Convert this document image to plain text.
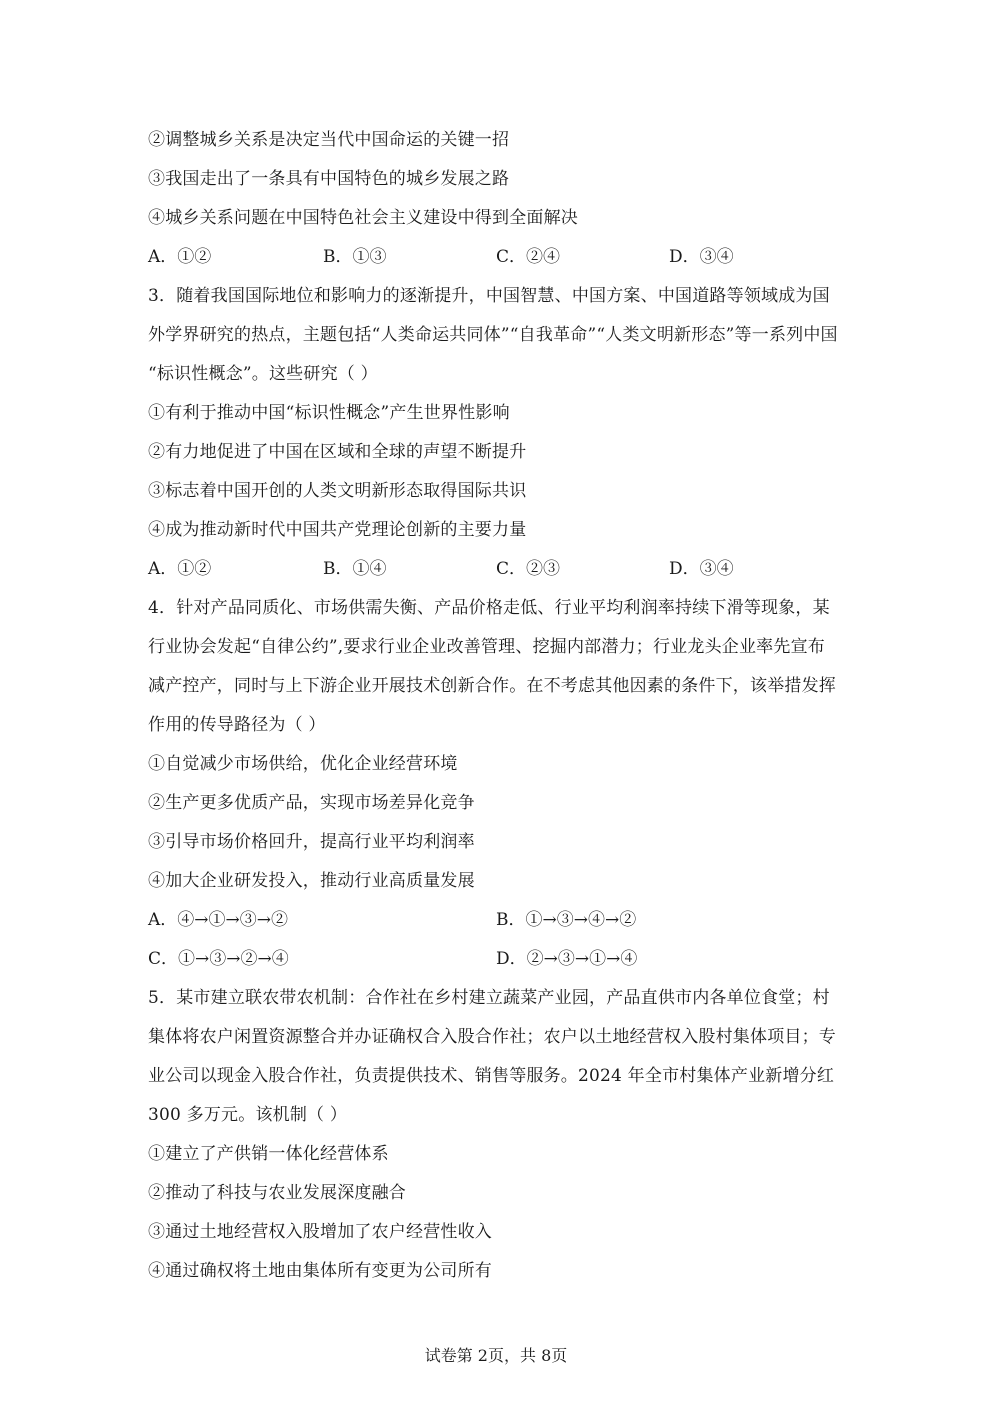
②调整城乡关系是决定当代中国命运的关键一招
③我国走出了一条具有中国特色的城乡发展之路
④城乡关系问题在中国特色社会主义建设中得到全面解决
A．①②	B．①③	C．②④	D．③④
3．随着我国国际地位和影响力的逐渐提升，中国智慧、中国方案、中国道路等领域成为国
外学界研究的热点，主题包括“人类命运共同体”“自我革命”“人类文明新形态”等一系列中国
“标识性概念”。这些研究（ ）
①有利于推动中国“标识性概念”产生世界性影响
②有力地促进了中国在区域和全球的声望不断提升
③标志着中国开创的人类文明新形态取得国际共识
④成为推动新时代中国共产党理论创新的主要力量
A．①②	B．①④	C．②③	D．③④
4．针对产品同质化、市场供需失衡、产品价格走低、行业平均利润率持续下滑等现象，某
行业协会发起“自律公约”,要求行业企业改善管理、挖掘内部潜力；行业龙头企业率先宣布
减产控产，同时与上下游企业开展技术创新合作。在不考虑其他因素的条件下，该举措发挥
作用的传导路径为（ ）
①自觉减少市场供给，优化企业经营环境
②生产更多优质产品，实现市场差异化竞争
③引导市场价格回升，提高行业平均利润率
④加大企业研发投入，推动行业高质量发展
A．④→①→③→②	B．①→③→④→②
C．①→③→②→④	D．②→③→①→④
5．某市建立联农带农机制：合作社在乡村建立蔬菜产业园，产品直供市内各单位食堂；村
集体将农户闲置资源整合并办证确权合入股合作社；农户以土地经营权入股村集体项目；专
业公司以现金入股合作社，负责提供技术、销售等服务。2024 年全市村集体产业新增分红
300 多万元。该机制（ ）
①建立了产供销一体化经营体系
②推动了科技与农业发展深度融合
③通过土地经营权入股增加了农户经营性收入
④通过确权将土地由集体所有变更为公司所有
试卷第 2页，共 8页
